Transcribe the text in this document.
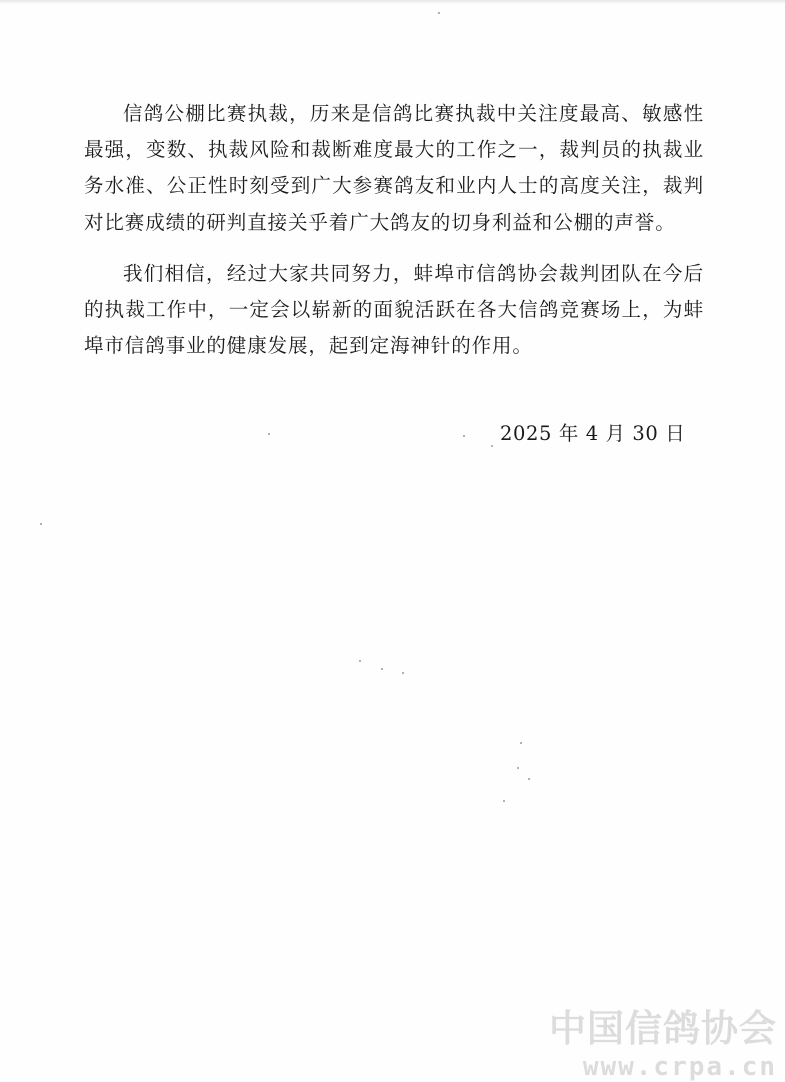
信鸽公棚比赛执裁，历来是信鸽比赛执裁中关注度最高、敏感性最强，变数、执裁风险和裁断难度最大的工作之一，裁判员的执裁业务水准、公正性时刻受到广大参赛鸽友和业内人士的高度关注，裁判对比赛成绩的研判直接关乎着广大鸽友的切身利益和公棚的声誉。

我们相信，经过大家共同努力，蚌埠市信鸽协会裁判团队在今后的执裁工作中，一定会以崭新的面貌活跃在各大信鸽竞赛场上，为蚌埠市信鸽事业的健康发展，起到定海神针的作用。

2025 年 4 月 30 日
中国信鸽协会
www.crpa.cn
